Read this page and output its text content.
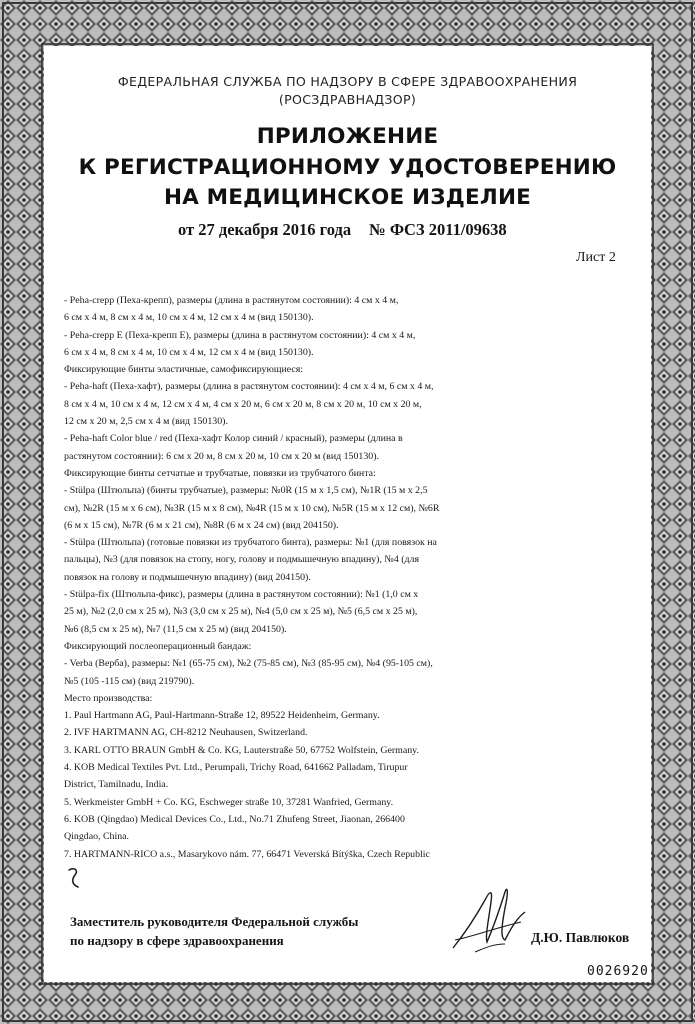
ФЕДЕРАЛЬНАЯ СЛУЖБА ПО НАДЗОРУ В СФЕРЕ ЗДРАВООХРАНЕНИЯ
(РОСЗДРАВНАДЗОР)
ПРИЛОЖЕНИЕ
К РЕГИСТРАЦИОННОМУ УДОСТОВЕРЕНИЮ
НА МЕДИЦИНСКОЕ ИЗДЕЛИЕ
от 27 декабря 2016 года № ФСЗ 2011/09638
Лист 2
- Peha-crepp (Пеха-крепп), размеры (длина в растянутом состоянии): 4 см х 4 м,
6 см х 4 м, 8 см х 4 м, 10 см х 4 м, 12 см х 4 м (вид 150130).
- Peha-crepp E (Пеха-крепп E), размеры (длина в растянутом состоянии): 4 см х 4 м,
6 см х 4 м, 8 см х 4 м, 10 см х 4 м, 12 см х 4 м (вид 150130).
Фиксирующие бинты эластичные, самофиксирующиеся:
- Peha-haft (Пеха-хафт), размеры (длина в растянутом состоянии): 4 см х 4 м, 6 см х 4 м,
8 см х 4 м, 10 см х 4 м, 12 см х 4 м, 4 см х 20 м, 6 см х 20 м, 8 см х 20 м, 10 см х 20 м,
12 см х 20 м, 2,5 см х 4 м (вид 150130).
- Peha-haft Color blue / red (Пеха-хафт Колор синий / красный), размеры (длина в
растянутом состоянии): 6 см х 20 м, 8 см х 20 м, 10 см х 20 м (вид 150130).
Фиксирующие бинты сетчатые и трубчатые, повязки из трубчатого бинта:
- Stülpa (Штюльпа) (бинты трубчатые), размеры: №0R (15 м х 1,5 см), №1R (15 м х 2,5
см), №2R (15 м х 6 см), №3R (15 м х 8 см), №4R (15 м х 10 см), №5R (15 м х 12 см), №6R
(6 м х 15 см), №7R (6 м х 21 см), №8R (6 м х 24 см) (вид 204150).
- Stülpa (Штюльпа) (готовые повязки из трубчатого бинта), размеры: №1 (для повязок на
пальцы), №3 (для повязок на стопу, ногу, голову и подмышечную впадину), №4 (для
повязок на голову и подмышечную впадину) (вид 204150).
- Stülpa-fix (Штюльпа-фикс), размеры (длина в растянутом состоянии): №1 (1,0 см х
25 м), №2 (2,0 см х 25 м), №3 (3,0 см х 25 м), №4 (5,0 см х 25 м), №5 (6,5 см х 25 м),
№6 (8,5 см х 25 м), №7 (11,5 см х 25 м) (вид 204150).
Фиксирующий послеоперационный бандаж:
- Verba (Верба), размеры: №1 (65-75 см), №2 (75-85 см), №3 (85-95 см), №4 (95-105 см),
№5 (105 -115 см) (вид 219790).
Место производства:
1. Paul Hartmann AG, Paul-Hartmann-Straße 12, 89522 Heidenheim, Germany.
2. IVF HARTMANN AG, CH-8212 Neuhausen, Switzerland.
3. KARL OTTO BRAUN GmbH & Co. KG, Lauterstraße 50, 67752 Wolfstein, Germany.
4. KOB Medical Textiles Pvt. Ltd., Perumpali, Trichy Road, 641662 Palladam, Tirupur
District, Tamilnadu, India.
5. Werkmeister GmbH + Co. KG, Eschweger straße 10, 37281 Wanfried, Germany.
6. KOB (Qingdao) Medical Devices Co., Ltd., No.71 Zhufeng Street, Jiaonan, 266400
Qingdao, China.
7. HARTMANN-RICO a.s., Masarykovo nám. 77, 66471 Veverská Bítýška, Czech Republic
Заместитель руководителя Федеральной службы
по надзору в сфере здравоохранения	Д.Ю. Павлюков
0026920
